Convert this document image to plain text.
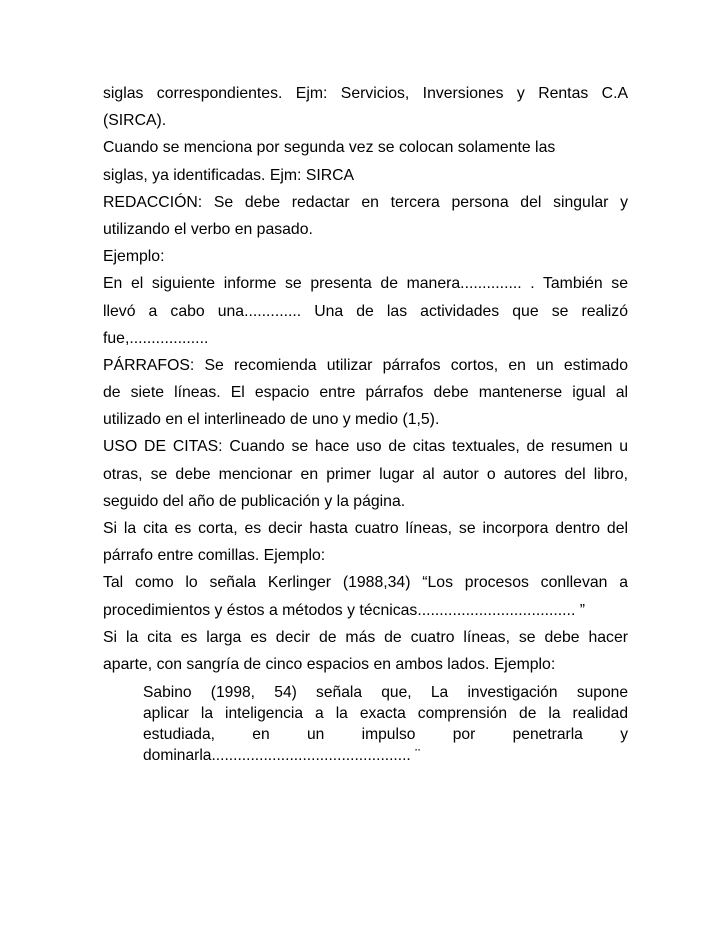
siglas correspondientes. Ejm: Servicios, Inversiones y Rentas C.A
(SIRCA).
Cuando se menciona por segunda vez se colocan solamente las
siglas, ya identificadas. Ejm: SIRCA
REDACCIÓN: Se debe redactar en tercera persona del singular y
utilizando el verbo en pasado.
Ejemplo:
En el siguiente informe se presenta de manera.............. . También se
llevó a cabo una............. Una de las actividades que se realizó
fue,..................
PÁRRAFOS: Se recomienda utilizar párrafos cortos, en un estimado
de siete líneas. El espacio entre párrafos debe mantenerse igual al
utilizado en el interlineado de uno y medio (1,5).
USO DE CITAS: Cuando se hace uso de citas textuales, de resumen u
otras, se debe mencionar en primer lugar al autor o autores del libro,
seguido del año de publicación y la página.
Si la cita es corta, es decir hasta cuatro líneas, se incorpora dentro del
párrafo entre comillas. Ejemplo:
Tal como lo señala Kerlinger (1988,34) “Los procesos conllevan a
procedimientos y éstos a métodos y técnicas.................................... ”
Si la cita es larga es decir de más de cuatro líneas, se debe hacer
aparte, con sangría de cinco espacios en ambos lados. Ejemplo:
Sabino (1998, 54) señala que, La investigación supone
aplicar la inteligencia a la exacta comprensión de la realidad
estudiada, en un impulso por penetrarla y
dominarla.............................................. ¨
